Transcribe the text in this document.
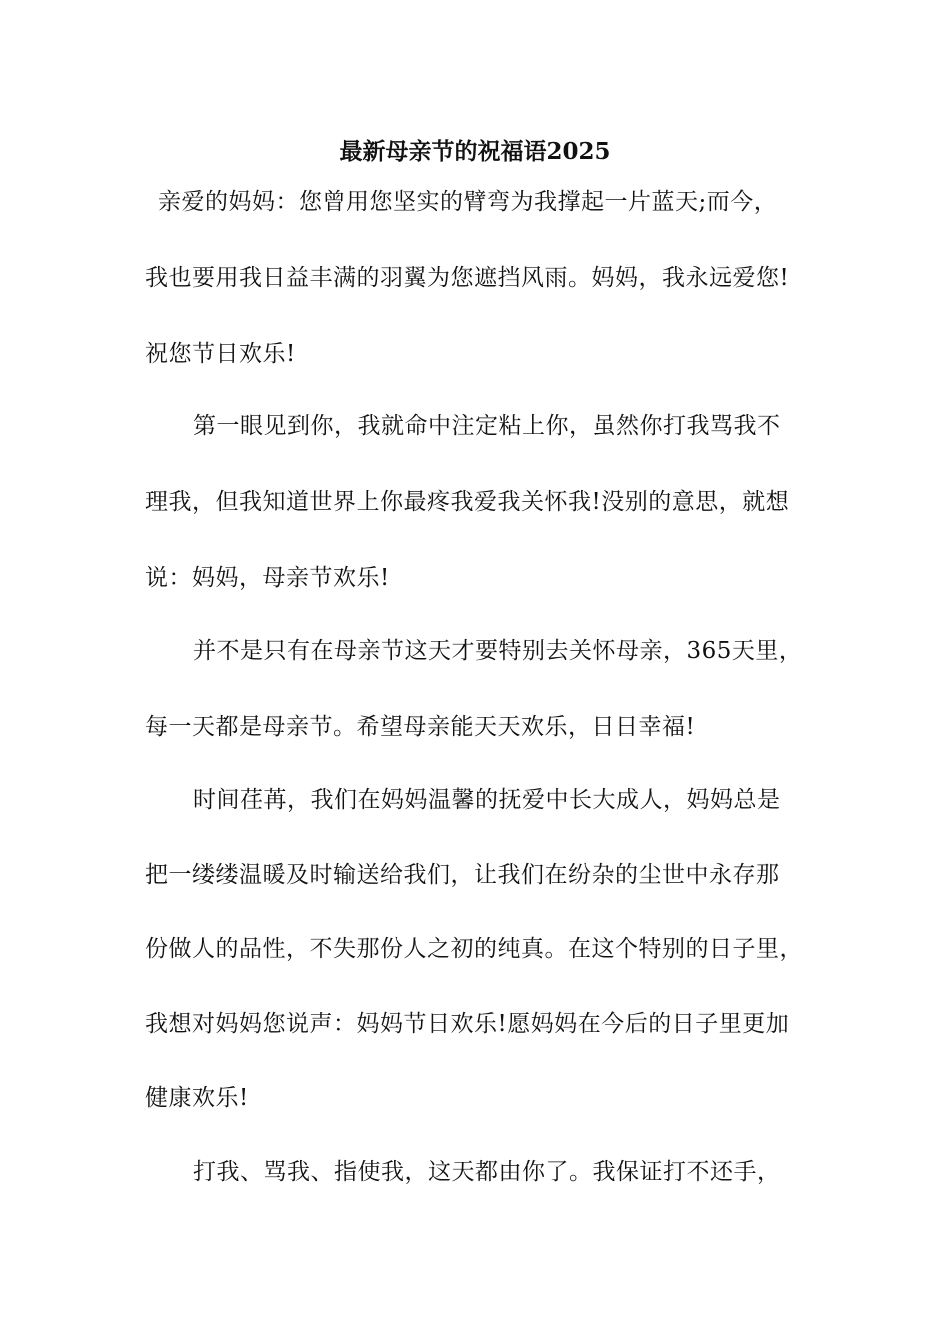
最新母亲节的祝福语2025
亲爱的妈妈：您曾用您坚实的臂弯为我撑起一片蓝天;而今，
我也要用我日益丰满的羽翼为您遮挡风雨。妈妈，我永远爱您!
祝您节日欢乐!
第一眼见到你，我就命中注定粘上你，虽然你打我骂我不
理我，但我知道世界上你最疼我爱我关怀我!没别的意思，就想
说：妈妈，母亲节欢乐!
并不是只有在母亲节这天才要特别去关怀母亲，365天里，
每一天都是母亲节。希望母亲能天天欢乐，日日幸福!
时间荏苒，我们在妈妈温馨的抚爱中长大成人，妈妈总是
把一缕缕温暖及时输送给我们，让我们在纷杂的尘世中永存那
份做人的品性，不失那份人之初的纯真。在这个特别的日子里，
我想对妈妈您说声：妈妈节日欢乐!愿妈妈在今后的日子里更加
健康欢乐!
打我、骂我、指使我，这天都由你了。我保证打不还手，
